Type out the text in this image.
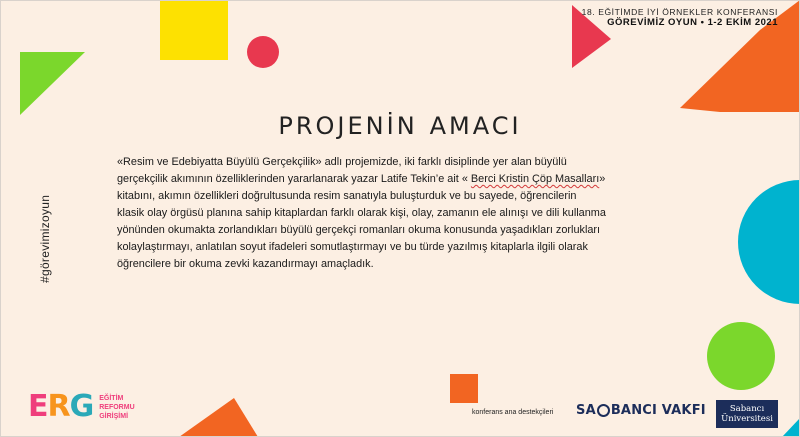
18. EĞİTİMDE İYİ ÖRNEKLER KONFERANSI
GÖREVİMİZ OYUN • 1-2 EKİM 2021
PROJENİN AMACI
«Resim ve Edebiyatta Büyülü Gerçekçilik» adlı projemizde, iki farklı disiplinde yer alan büyülü
gerçekçilik akımının özelliklerinden yararlanarak yazar Latife Tekin’e ait « Berci Kristin Çöp Masalları»
kitabını, akımın özellikleri doğrultusunda resim sanatıyla buluşturduk ve bu sayede, öğrencilerin
klasik olay örgüsü planına sahip kitaplardan farklı olarak kişi, olay, zamanın ele alınışı ve dili kullanma
yönünden okumakta zorlandıkları büyülü gerçekçi romanları okuma konusunda yaşadıkları zorlukları
kolaylaştırmayı, anlatılan soyut ifadeleri somutlaştırmayı ve bu türde yazılmış kitaplarla ilgili olarak
öğrencilere bir okuma zevki kazandırmayı amaçladık.
#görevimizoyun
ERG EĞİTİM
REFORMU
GİRİŞİMİ	konferans ana destekçileri SA BANCI VAKFI	Sabancı
Üniversitesi
